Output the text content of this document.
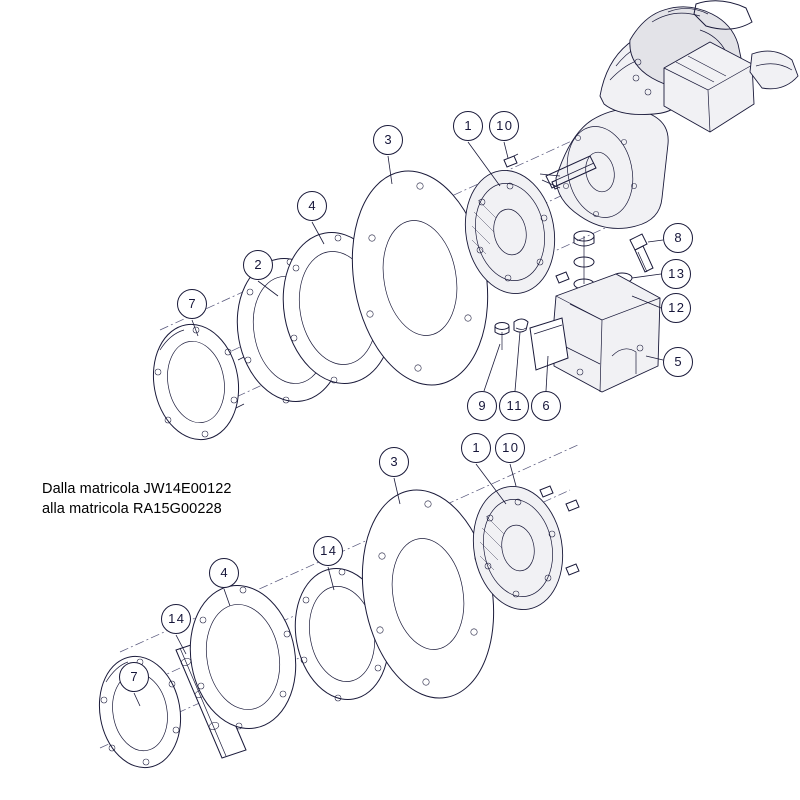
Dalla matricola JW14E00122
alla matricola RA15G00228
3
1	10
4
8
2
13
7	12
5
9	11	6
3
1	10
14
4
14
7
